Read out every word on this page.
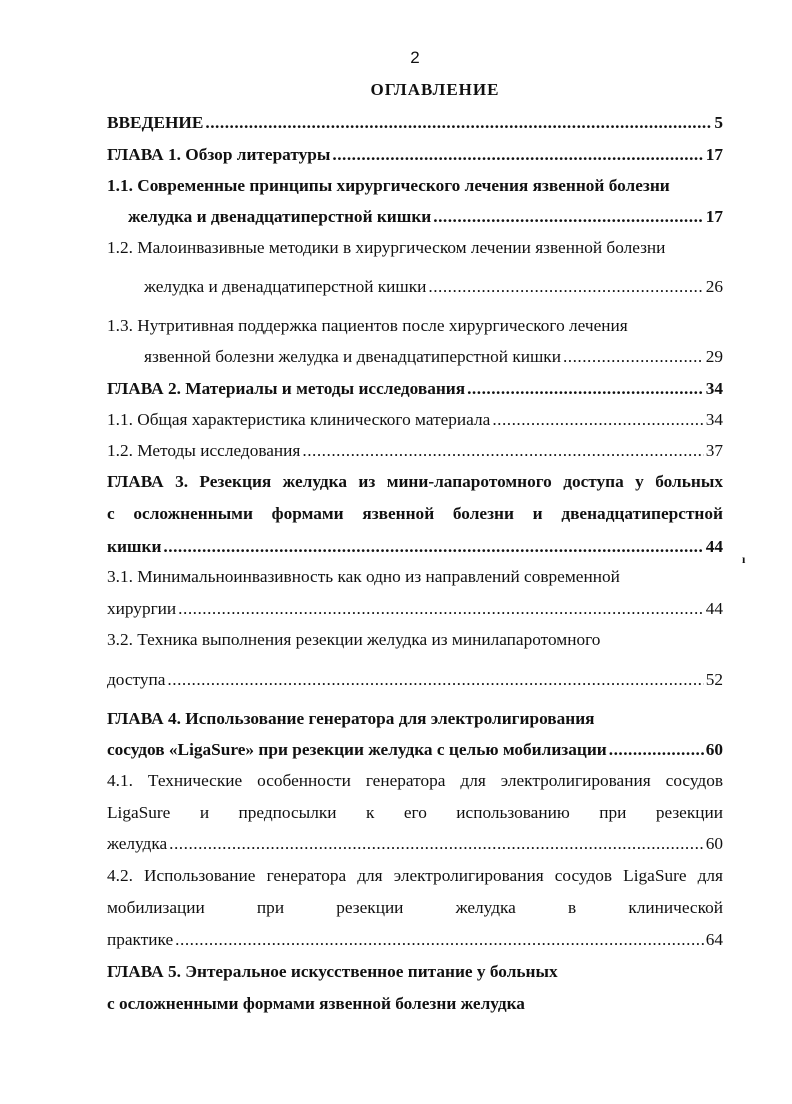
2
ОГЛАВЛЕНИЕ
ВВЕДЕНИЕ .....	5
ГЛАВА 1. Обзор литературы .....	17
1.1. Современные принципы хирургического лечения язвенной болезни
желудка и двенадцатиперстной кишки .....	17
1.2. Малоинвазивные методики в хирургическом лечении язвенной болезни
желудка и двенадцатиперстной кишки .....	26
1.3. Нутритивная поддержка пациентов после хирургического лечения
язвенной болезни желудка и двенадцатиперстной кишки .....	29
ГЛАВА 2. Материалы и методы исследования .....	34
1.1. Общая характеристика клинического материала .....	34
1.2. Методы исследования .....	37
ГЛАВА 3. Резекция желудка из мини-лапаротомного доступа у больных
с осложненными формами язвенной болезни и двенадцатиперстной
кишки .....	44
ı
3.1. Минимальноинвазивность как одно из направлений современной
хирургии .....	44
3.2. Техника выполнения резекции желудка из минилапаротомного
доступа .....	52
ГЛАВА 4. Использование генератора для электролигирования
сосудов «LigaSure» при резекции желудка с целью мобилизации .....	60
4.1. Технические особенности генератора для электролигирования сосудов
LigaSure и предпосылки к его использованию при резекции
желудка .....	60
4.2. Использование генератора для электролигирования сосудов LigaSure для
мобилизации при резекции желудка в клинической
практике .....	64
ГЛАВА 5. Энтеральное искусственное питание у больных
с осложненными формами язвенной болезни желудка
